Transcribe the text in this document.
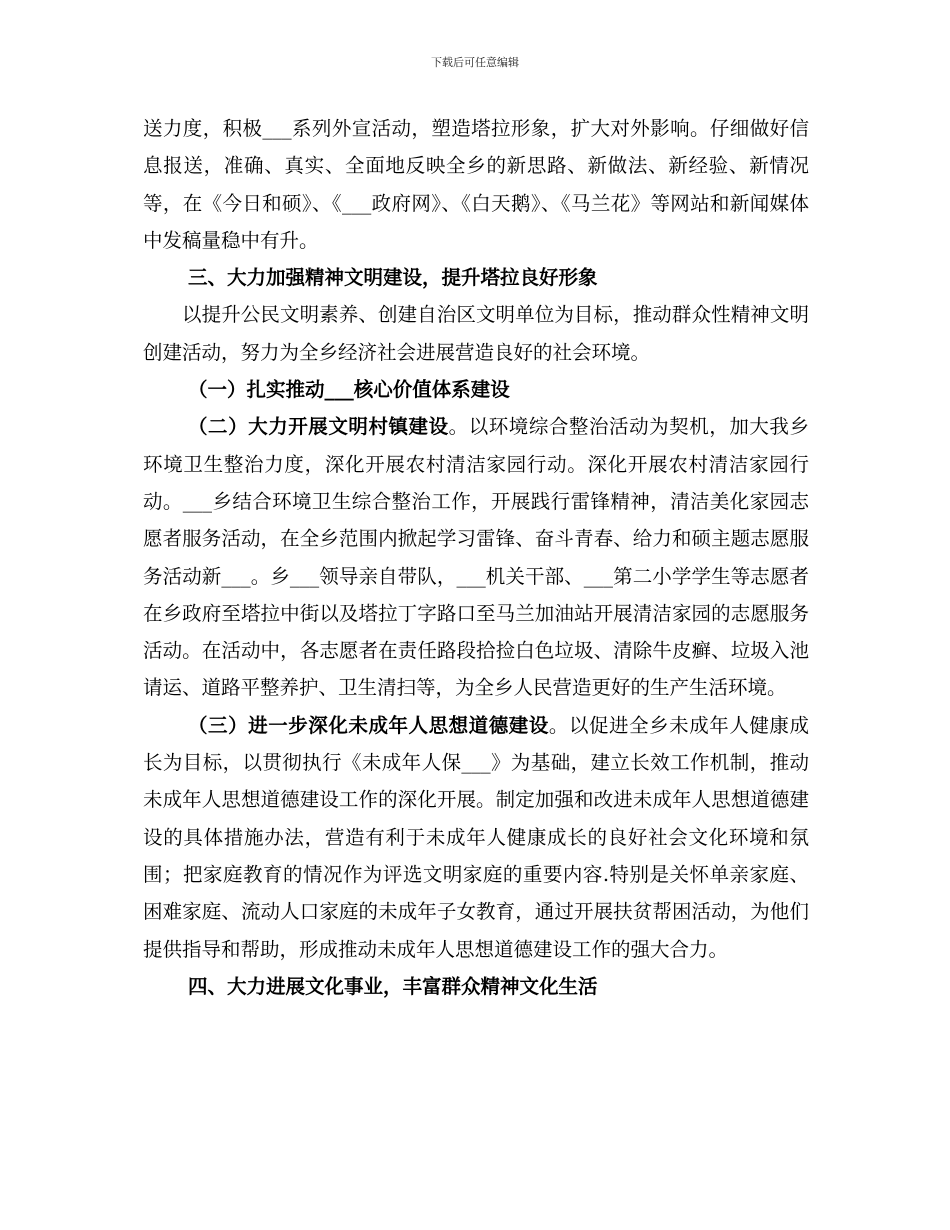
下载后可任意编辑

送力度，积极___系列外宣活动，塑造塔拉形象，扩大对外影响。仔细做好信息报送，准确、真实、全面地反映全乡的新思路、新做法、新经验、新情况等，在《今日和硕》、《___政府网》、《白天鹅》、《马兰花》等网站和新闻媒体中发稿量稳中有升。

三、大力加强精神文明建设，提升塔拉良好形象

以提升公民文明素养、创建自治区文明单位为目标，推动群众性精神文明创建活动，努力为全乡经济社会进展营造良好的社会环境。

（一）扎实推动___核心价值体系建设

（二）大力开展文明村镇建设。以环境综合整治活动为契机，加大我乡环境卫生整治力度，深化开展农村清洁家园行动。深化开展农村清洁家园行动。___乡结合环境卫生综合整治工作，开展践行雷锋精神，清洁美化家园志愿者服务活动，在全乡范围内掀起学习雷锋、奋斗青春、给力和硕主题志愿服务活动新___。乡___领导亲自带队，___机关干部、___第二小学学生等志愿者在乡政府至塔拉中街以及塔拉丁字路口至马兰加油站开展清洁家园的志愿服务活动。在活动中，各志愿者在责任路段拾捡白色垃圾、清除牛皮癣、垃圾入池请运、道路平整养护、卫生清扫等，为全乡人民营造更好的生产生活环境。

（三）进一步深化未成年人思想道德建设。以促进全乡未成年人健康成长为目标，以贯彻执行《未成年人保___》为基础，建立长效工作机制，推动未成年人思想道德建设工作的深化开展。制定加强和改进未成年人思想道德建设的具体措施办法，营造有利于未成年人健康成长的良好社会文化环境和氛围；把家庭教育的情况作为评选文明家庭的重要内容.特别是关怀单亲家庭、困难家庭、流动人口家庭的未成年子女教育，通过开展扶贫帮困活动，为他们提供指导和帮助，形成推动未成年人思想道德建设工作的强大合力。

四、大力进展文化事业，丰富群众精神文化生活
